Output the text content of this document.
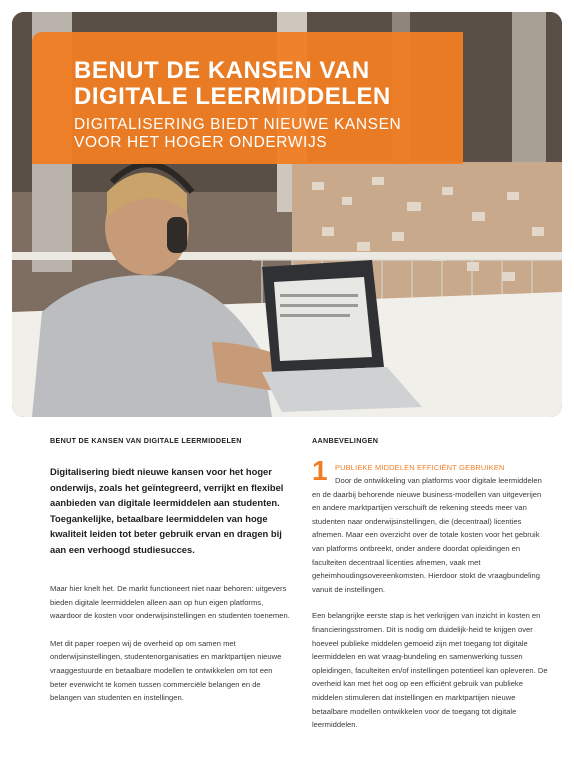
BENUT DE KANSEN VAN DIGITALE LEERMIDDELEN
DIGITALISERING BIEDT NIEUWE KANSEN VOOR HET HOGER ONDERWIJS
BENUT DE KANSEN VAN DIGITALE LEERMIDDELEN

Digitalisering biedt nieuwe kansen voor het hoger onderwijs, zoals het geïntegreerd, verrijkt en flexibel aanbieden van digitale leermiddelen aan studenten. Toegankelijke, betaalbare leermiddelen van hoge kwaliteit leiden tot beter gebruik ervan en dragen bij aan een verhoogd studiesucces.

Maar hier knelt het. De markt functioneert niet naar behoren: uitgevers bieden digitale leermiddelen alleen aan op hun eigen platforms, waardoor de kosten voor onderwijsinstellingen en studenten toenemen.

Met dit paper roepen wij de overheid op om samen met onderwijsinstellingen, studentenorganisaties en marktpartijen nieuwe vraaggestuurde en betaalbare modellen te ontwikkelen om tot een beter evenwicht te komen tussen commerciële belangen en de belangen van studenten en instellingen.

AANBEVELINGEN
1 PUBLIEKE MIDDELEN EFFICIËNT GEBRUIKEN

Door de ontwikkeling van platforms voor digitale leermiddelen en de daarbij behorende nieuwe business-modellen van uitgeverijen en andere marktpartijen verschuift de rekening steeds meer van studenten naar onderwijsinstellingen, die (decentraal) licenties afnemen. Maar een overzicht over de totale kosten voor het gebruik van platforms ontbreekt, onder andere doordat opleidingen en faculteiten decentraal licenties afnemen, vaak met geheimhoudingsovereenkomsten. Hierdoor stokt de vraagbundeling vanuit de instellingen.

Een belangrijke eerste stap is het verkrijgen van inzicht in kosten en financieringsstromen. Dit is nodig om duidelijk-heid te krijgen over hoeveel publieke middelen gemoeid zijn met toegang tot digitale leermiddelen en wat vraag-bundeling en samenwerking tussen opleidingen, faculteiten en/of instellingen potentieel kan opleveren. De overheid kan met het oog op een efficiënt gebruik van publieke middelen stimuleren dat instellingen en marktpartijen nieuwe betaalbare modellen ontwikkelen voor de toegang tot digitale leermiddelen.
